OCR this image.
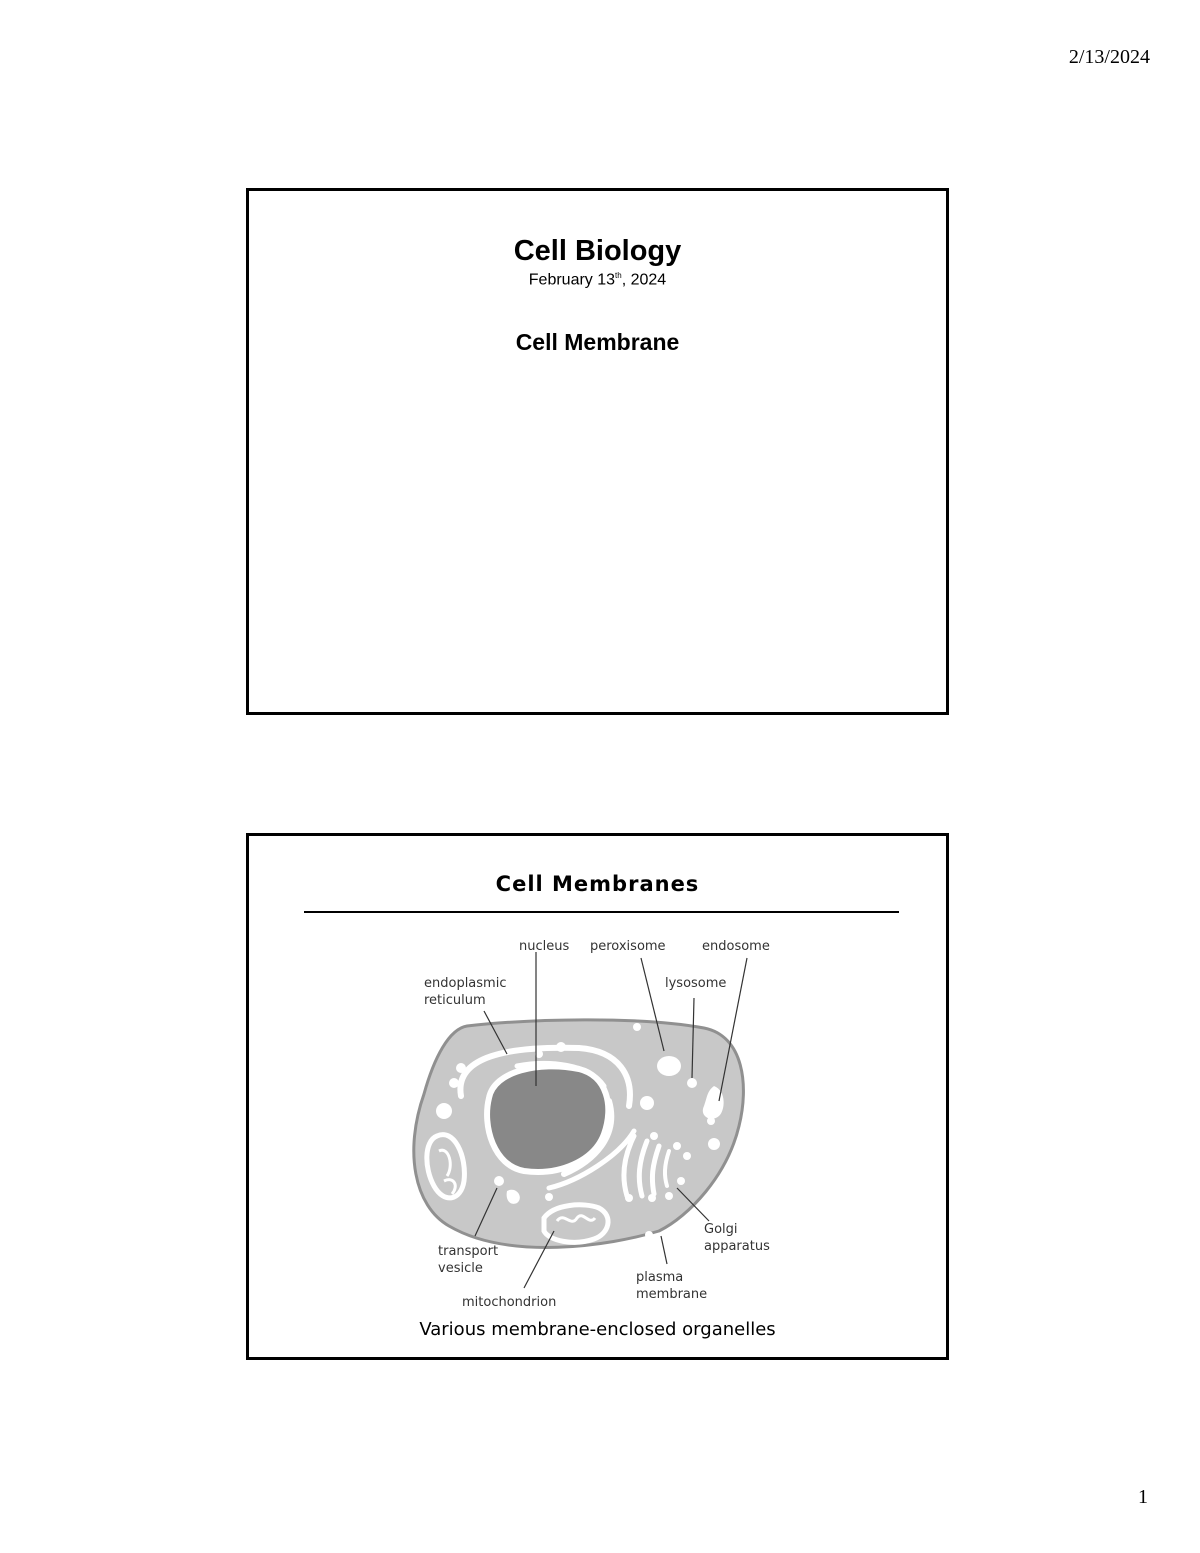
2/13/2024
Cell Biology
February 13th, 2024
Cell Membrane
Cell Membranes
nucleus peroxisome	endosome
endoplasmic
reticulum
lysosome
Golgi
apparatus
transport
vesicle
plasma
membrane
mitochondrion
Various membrane-enclosed organelles
1
